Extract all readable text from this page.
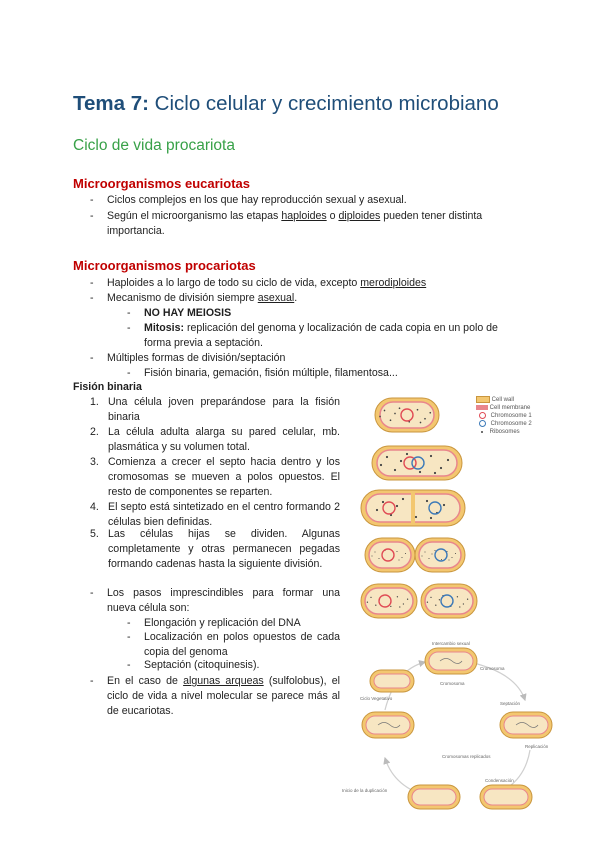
Tema 7: Ciclo celular y crecimiento microbiano
Ciclo de vida procariota
Microorganismos eucariotas
- Ciclos complejos en los que hay reproducción sexual y asexual.
- Según el microorganismo las etapas haploides o diploides pueden tener distinta
importancia.
Microorganismos procariotas
- Haploides a lo largo de todo su ciclo de vida, excepto merodiploides
- Mecanismo de división siempre asexual.
- NO HAY MEIOSIS
- Mitosis: replicación del genoma y localización de cada copia en un polo de
forma previa a septación.
- Múltiples formas de división/septación
- Fisión binaria, gemación, fisión múltiple, filamentosa...
Fisión binaria
1. Una célula joven preparándose para la fisión binaria
2. La célula adulta alarga su pared celular, mb. plasmática y su volumen total.
3. Comienza a crecer el septo hacia dentro y los cromosomas se mueven a polos opuestos. El resto de componentes se reparten.
4. El septo está sintetizado en el centro formando 2 células bien definidas.
5. Las células hijas se dividen. Algunas completamente y otras permanecen pegadas formando cadenas hasta la siguiente división.
- Los pasos imprescindibles para formar una nueva célula son:
- Elongación y replicación del DNA
- Localización en polos opuestos de cada copia del genoma
- Septación (citoquinesis).
- En el caso de algunas arqueas (sulfolobus), el ciclo de vida a nivel molecular se parece más al de eucariotas.
Cell wall
Cell membrane
Chromosome 1
Chromosome 2
Ribosomes
Intercambio sexual
Cromosoma
Cromosoma
Septación
Replicación
Cromosomas replicados
Condensación
Ciclo Vegetativo
Inicio de la duplicación
